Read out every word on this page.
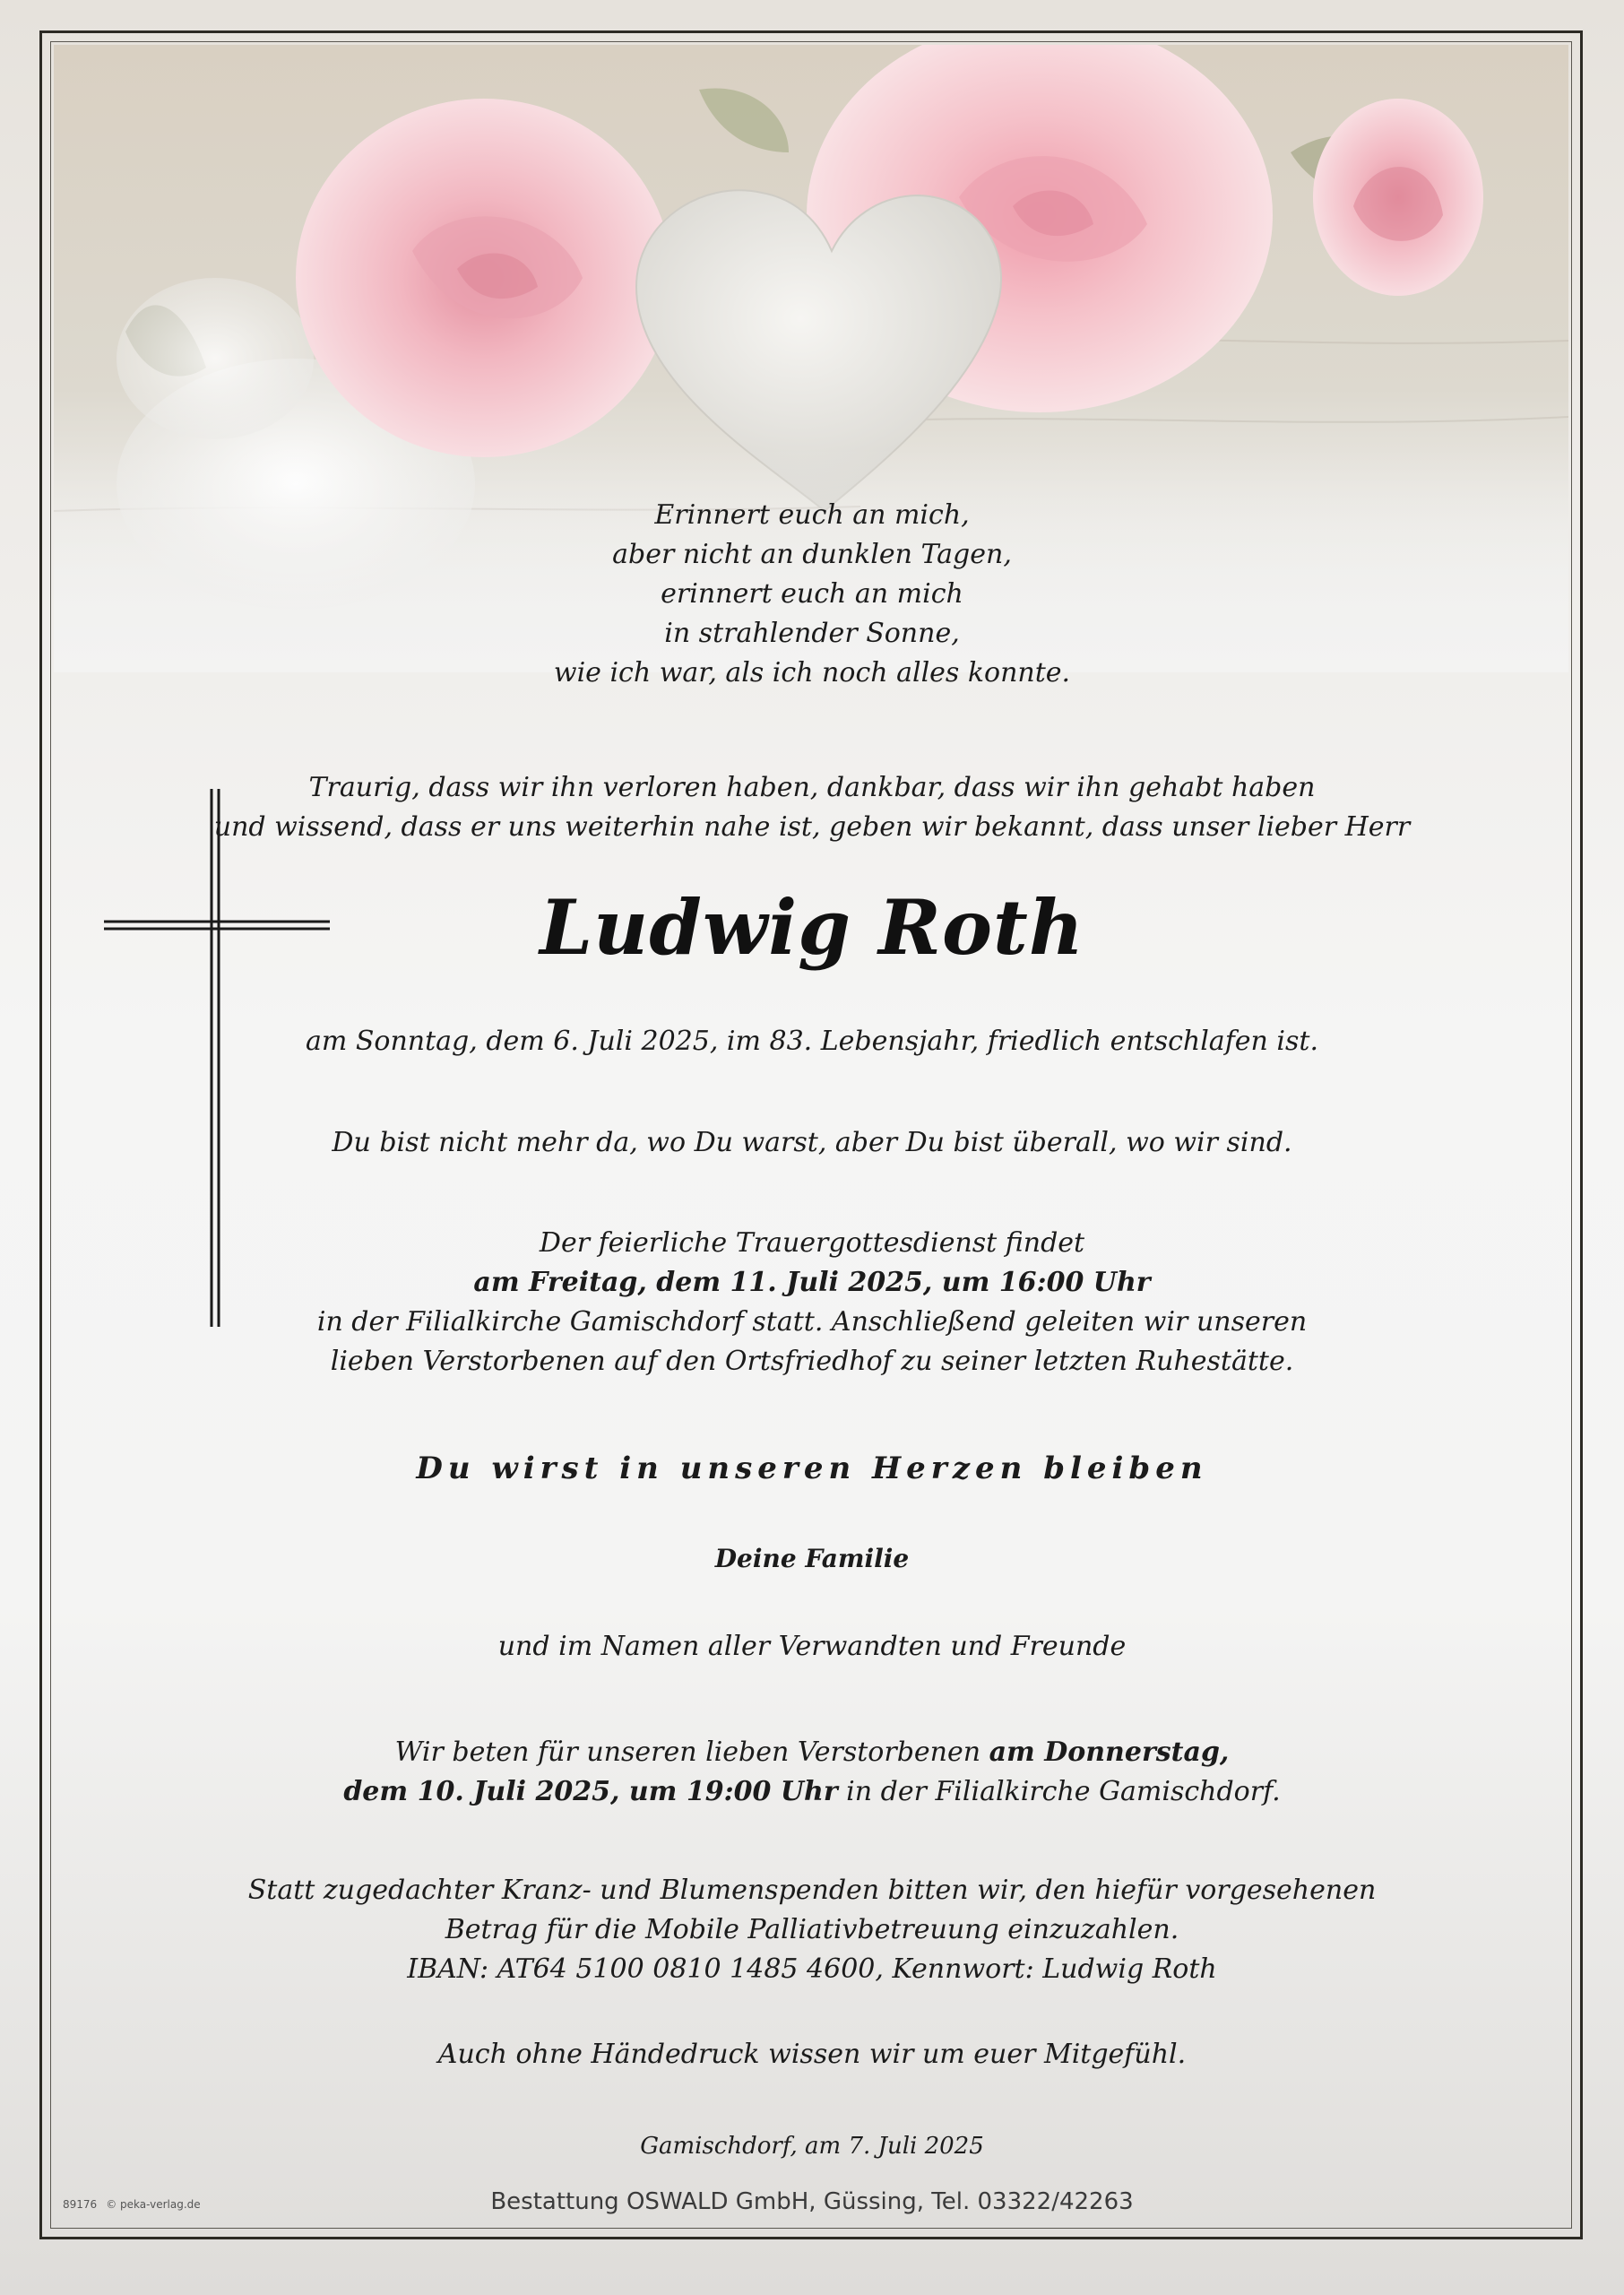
Erinnert euch an mich,
aber nicht an dunklen Tagen,
erinnert euch an mich
in strahlender Sonne,
wie ich war, als ich noch alles konnte.
Traurig, dass wir ihn verloren haben, dankbar, dass wir ihn gehabt haben
und wissend, dass er uns weiterhin nahe ist, geben wir bekannt, dass unser lieber Herr
Ludwig Roth
am Sonntag, dem 6. Juli 2025, im 83. Lebensjahr, friedlich entschlafen ist.
Du bist nicht mehr da, wo Du warst, aber Du bist überall, wo wir sind.
Der feierliche Trauergottesdienst findet
am Freitag, dem 11. Juli 2025, um 16:00 Uhr
in der Filialkirche Gamischdorf statt. Anschließend geleiten wir unseren
lieben Verstorbenen auf den Ortsfriedhof zu seiner letzten Ruhestätte.
Du wirst in unseren Herzen bleiben
Deine Familie
und im Namen aller Verwandten und Freunde
Wir beten für unseren lieben Verstorbenen am Donnerstag,
dem 10. Juli 2025, um 19:00 Uhr in der Filialkirche Gamischdorf.
Statt zugedachter Kranz- und Blumenspenden bitten wir, den hiefür vorgesehenen
Betrag für die Mobile Palliativbetreuung einzuzahlen.
IBAN: AT64 5100 0810 1485 4600, Kennwort: Ludwig Roth
Auch ohne Händedruck wissen wir um euer Mitgefühl.
Gamischdorf, am 7. Juli 2025
Bestattung OSWALD GmbH, Güssing, Tel. 03322/42263
89176 © peka-verlag.de
